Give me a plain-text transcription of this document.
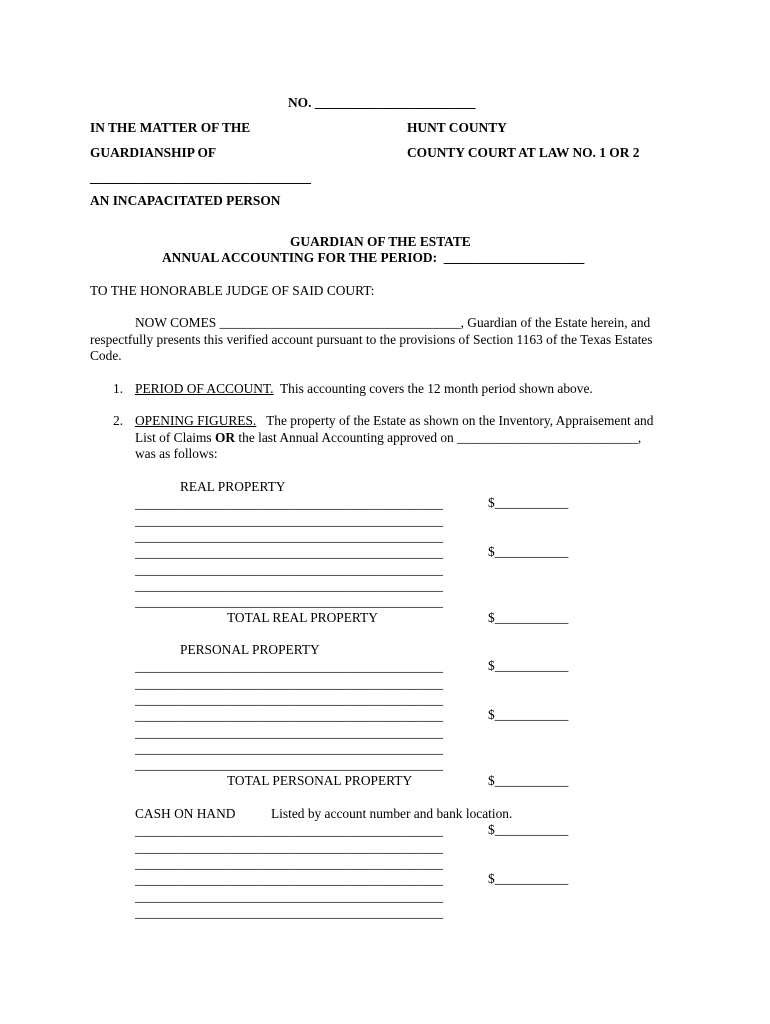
NO. ________________________
IN THE MATTER OF THE	HUNT COUNTY
GUARDIANSHIP OF	COUNTY COURT AT LAW NO. 1 OR 2
_________________________________
AN INCAPACITATED PERSON
GUARDIAN OF THE ESTATE
ANNUAL ACCOUNTING FOR THE PERIOD:  _____________________
TO THE HONORABLE JUDGE OF SAID COURT:
NOW COMES ____________________________________, Guardian of the Estate herein, and respectfully presents this verified account pursuant to the provisions of Section 1163 of the Texas Estates Code.
1. PERIOD OF ACCOUNT. This accounting covers the 12 month period shown above.
2. OPENING FIGURES. The property of the Estate as shown on the Inventory, Appraisement and
List of Claims OR the last Annual Accounting approved on ___________________________,
was as follows:
REAL PROPERTY
______________________________________________	$___________
______________________________________________
______________________________________________
______________________________________________	$___________
______________________________________________
______________________________________________
______________________________________________
TOTAL REAL PROPERTY	$___________
PERSONAL PROPERTY
______________________________________________	$___________
______________________________________________
______________________________________________
______________________________________________	$___________
______________________________________________
______________________________________________
______________________________________________
TOTAL PERSONAL PROPERTY	$___________
CASH ON HAND	Listed by account number and bank location.
______________________________________________	$___________
______________________________________________
______________________________________________
______________________________________________	$___________
______________________________________________
______________________________________________
